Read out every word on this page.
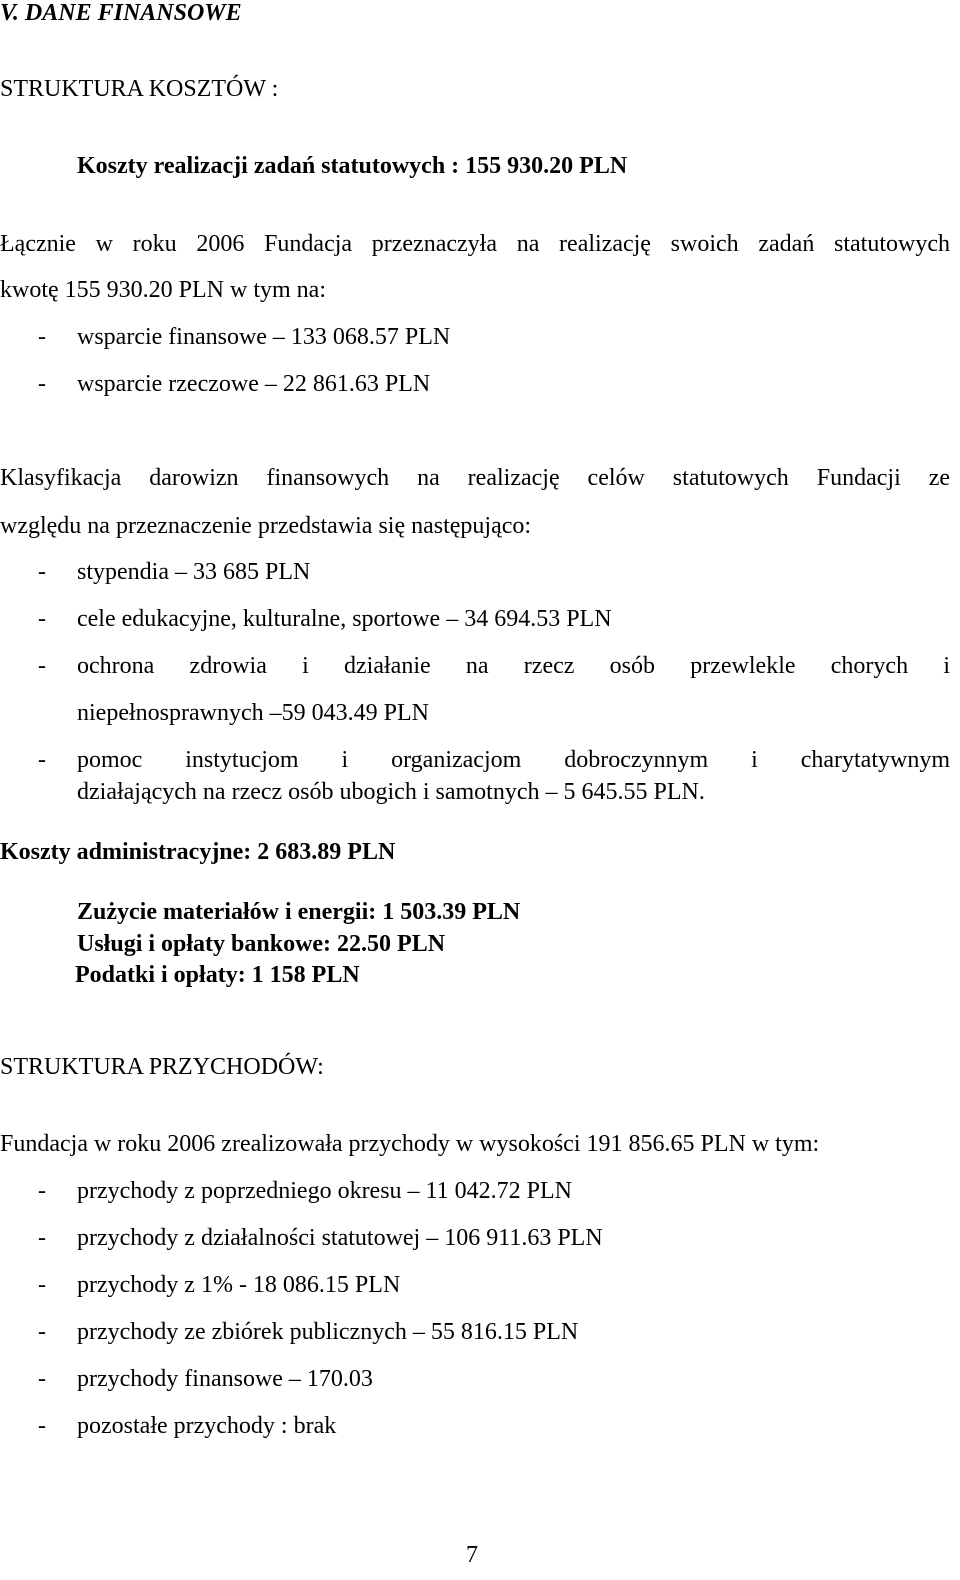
V. DANE FINANSOWE
STRUKTURA KOSZTÓW :
Koszty realizacji zadań statutowych : 155 930.20 PLN
Łącznie w roku 2006 Fundacja przeznaczyła na realizację swoich zadań statutowych
kwotę 155 930.20 PLN w tym na:
- wsparcie finansowe – 133 068.57 PLN
- wsparcie rzeczowe – 22 861.63 PLN
Klasyfikacja darowizn finansowych na realizację celów statutowych Fundacji ze
względu na przeznaczenie przedstawia się następująco:
- stypendia – 33 685 PLN
- cele edukacyjne, kulturalne, sportowe – 34 694.53 PLN
- ochrona zdrowia i działanie na rzecz osób przewlekle chorych i
niepełnosprawnych –59 043.49 PLN
- pomoc instytucjom i organizacjom dobroczynnym i charytatywnym
działających na rzecz osób ubogich i samotnych – 5 645.55 PLN.
Koszty administracyjne: 2 683.89 PLN
Zużycie materiałów i energii: 1 503.39 PLN
Usługi i opłaty bankowe: 22.50 PLN
Podatki i opłaty: 1 158 PLN
STRUKTURA PRZYCHODÓW:
Fundacja w roku 2006 zrealizowała przychody w wysokości 191 856.65 PLN w tym:
- przychody z poprzedniego okresu – 11 042.72 PLN
- przychody z działalności statutowej – 106 911.63 PLN
- przychody z 1% - 18 086.15 PLN
- przychody ze zbiórek publicznych – 55 816.15 PLN
- przychody finansowe – 170.03
- pozostałe przychody : brak
7
